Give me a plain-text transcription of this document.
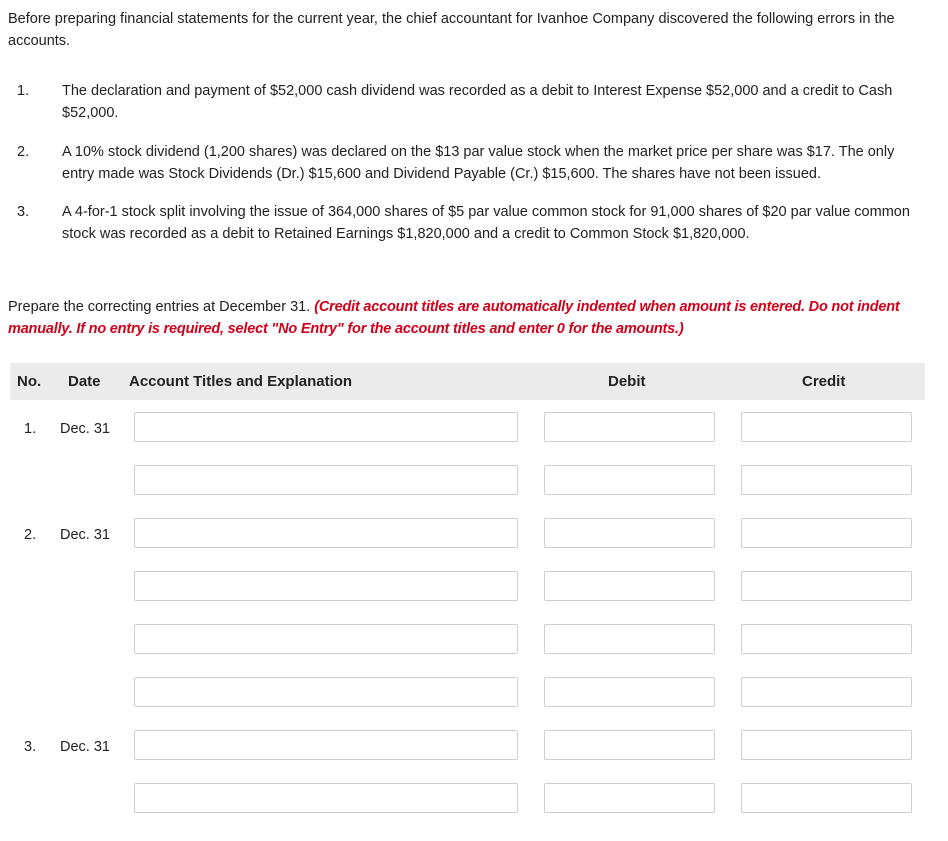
Before preparing financial statements for the current year, the chief accountant for Ivanhoe Company discovered the following errors in the accounts.
1. The declaration and payment of $52,000 cash dividend was recorded as a debit to Interest Expense $52,000 and a credit to Cash $52,000.
2. A 10% stock dividend (1,200 shares) was declared on the $13 par value stock when the market price per share was $17. The only entry made was Stock Dividends (Dr.) $15,600 and Dividend Payable (Cr.) $15,600. The shares have not been issued.
3. A 4-for-1 stock split involving the issue of 364,000 shares of $5 par value common stock for 91,000 shares of $20 par value common stock was recorded as a debit to Retained Earnings $1,820,000 and a credit to Common Stock $1,820,000.
Prepare the correcting entries at December 31. (Credit account titles are automatically indented when amount is entered. Do not indent manually. If no entry is required, select "No Entry" for the account titles and enter 0 for the amounts.)
No. Date Account Titles and Explanation	Debit	Credit
1. Dec. 31
2. Dec. 31
3. Dec. 31
